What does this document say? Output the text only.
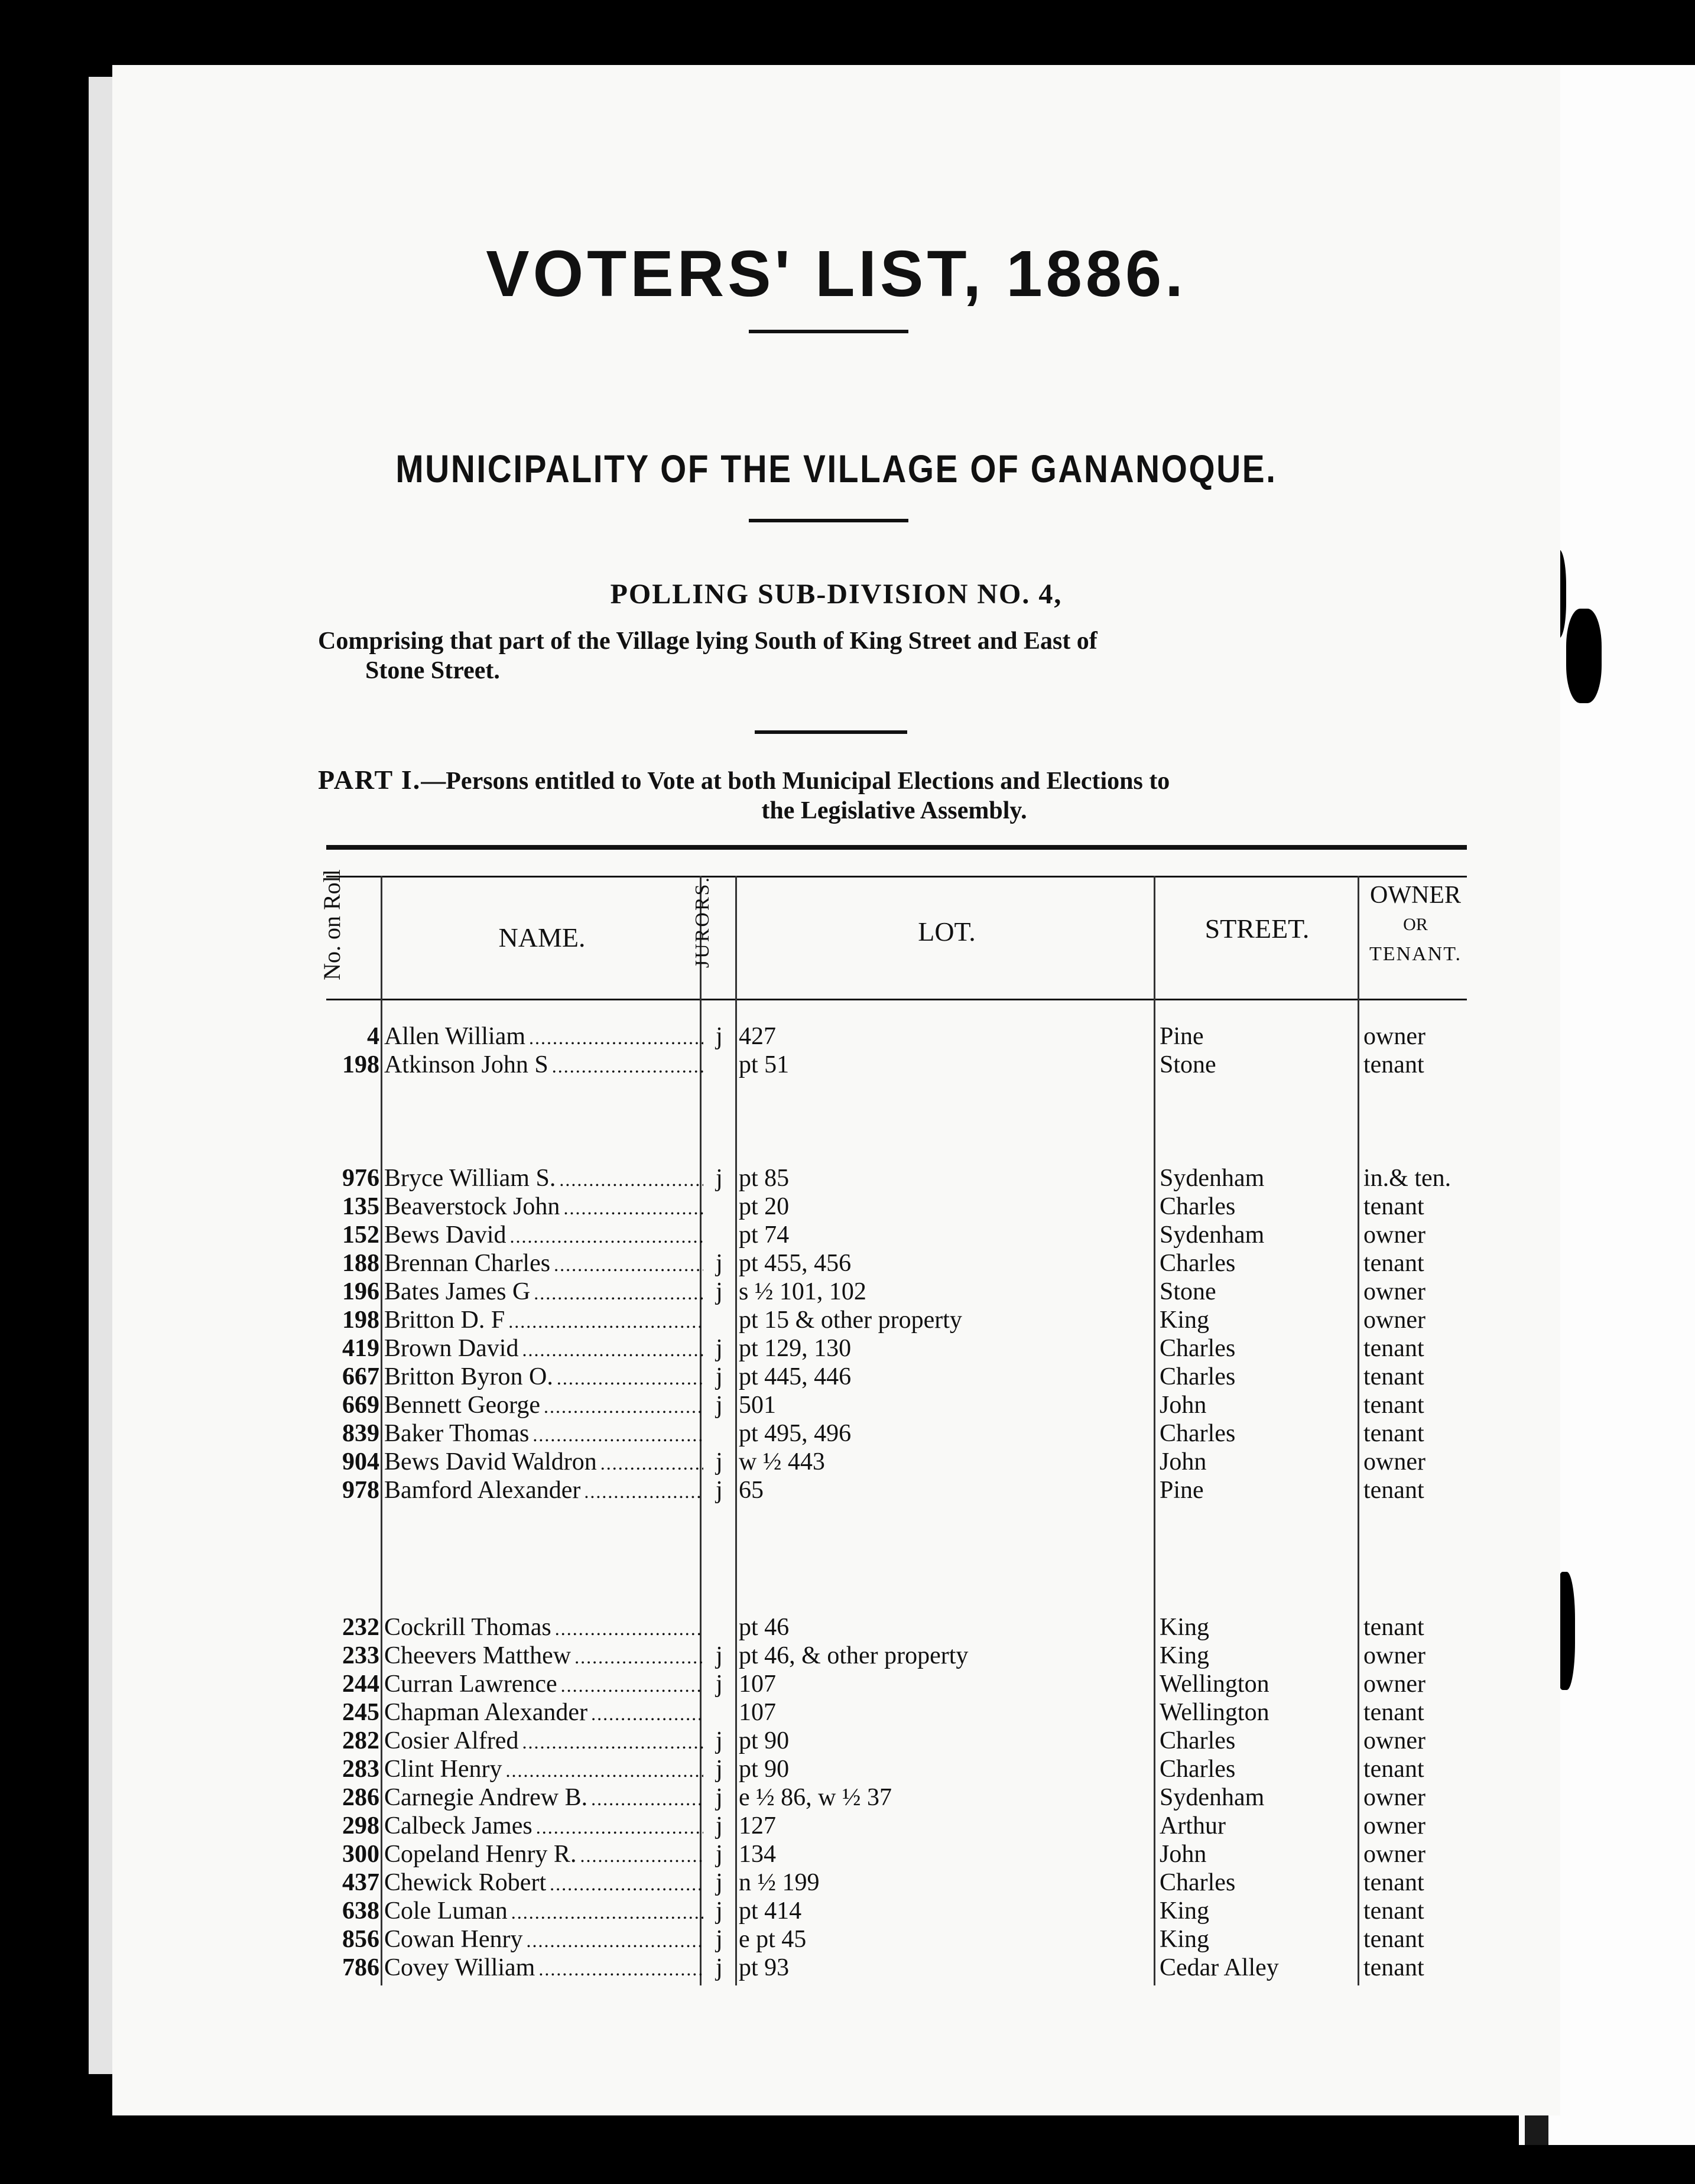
VOTERS' LIST, 1886.
MUNICIPALITY OF THE VILLAGE OF GANANOQUE.
POLLING SUB-DIVISION NO. 4,
Comprising that part of the Village lying South of King Street and East of
Stone Street.
PART I.—Persons entitled to Vote at both Municipal Elections and Elections to
the Legislative Assembly.
No. on Roll	NAME.	JURORS.	LOT.	STREET.
OWNER
OR
TENANT.
4 Allen William .....	j 427	Pine	owner
198 Atkinson John S .....	pt 51	Stone	tenant
976 Bryce William S. .....	j pt 85	Sydenham	in.& ten.
135 Beaverstock John .....	pt 20	Charles	tenant
152 Bews David .....	pt 74	Sydenham	owner
188 Brennan Charles .....	j pt 455, 456	Charles	tenant
196 Bates James G .....	j s ½ 101, 102	Stone	owner
198 Britton D. F .....	pt 15 & other property	King	owner
419 Brown David .....	j pt 129, 130	Charles	tenant
667 Britton Byron O. .....	j pt 445, 446	Charles	tenant
669 Bennett George .....	j 501	John	tenant
839 Baker Thomas .....	pt 495, 496	Charles	tenant
904 Bews David Waldron .....	j w ½ 443	John	owner
978 Bamford Alexander .....	j 65	Pine	tenant
232 Cockrill Thomas .....	pt 46	King	tenant
233 Cheevers Matthew .....	j pt 46, & other property	King	owner
244 Curran Lawrence .....	j 107	Wellington	owner
245 Chapman Alexander .....	107	Wellington	tenant
282 Cosier Alfred .....	j pt 90	Charles	owner
283 Clint Henry .....	j pt 90	Charles	tenant
286 Carnegie Andrew B. .....	j e ½ 86, w ½ 37	Sydenham	owner
298 Calbeck James .....	j 127	Arthur	owner
300 Copeland Henry R. .....	j 134	John	owner
437 Chewick Robert .....	j n ½ 199	Charles	tenant
638 Cole Luman .....	j pt 414	King	tenant
856 Cowan Henry .....	j e pt 45	King	tenant
786 Covey William .....	j pt 93	Cedar Alley	tenant
